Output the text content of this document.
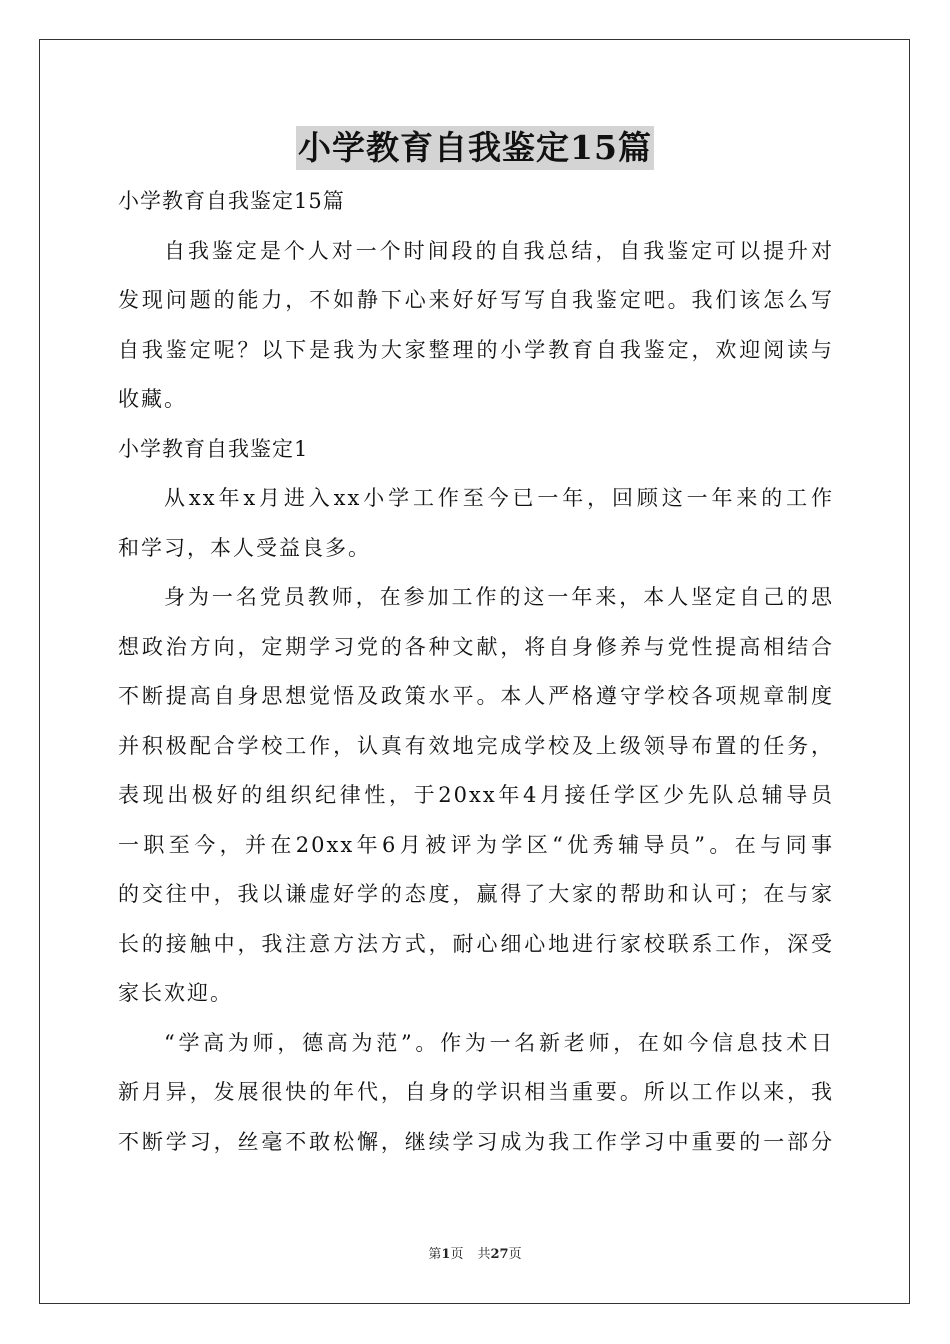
小学教育自我鉴定15篇
小学教育自我鉴定15篇
自我鉴定是个人对一个时间段的自我总结，自我鉴定可以提升对
发现问题的能力，不如静下心来好好写写自我鉴定吧。我们该怎么写
自我鉴定呢？以下是我为大家整理的小学教育自我鉴定，欢迎阅读与
收藏。
小学教育自我鉴定1
从xx年x月进入xx小学工作至今已一年，回顾这一年来的工作
和学习，本人受益良多。
身为一名党员教师，在参加工作的这一年来，本人坚定自己的思
想政治方向，定期学习党的各种文献，将自身修养与党性提高相结合
不断提高自身思想觉悟及政策水平。本人严格遵守学校各项规章制度
并积极配合学校工作，认真有效地完成学校及上级领导布置的任务，
表现出极好的组织纪律性，于20xx年4月接任学区少先队总辅导员
一职至今，并在20xx年6月被评为学区“优秀辅导员”。在与同事
的交往中，我以谦虚好学的态度，赢得了大家的帮助和认可；在与家
长的接触中，我注意方法方式，耐心细心地进行家校联系工作，深受
家长欢迎。
“学高为师，德高为范”。作为一名新老师，在如今信息技术日
新月异，发展很快的年代，自身的学识相当重要。所以工作以来，我
不断学习，丝毫不敢松懈，继续学习成为我工作学习中重要的一部分
第1页 共27页
